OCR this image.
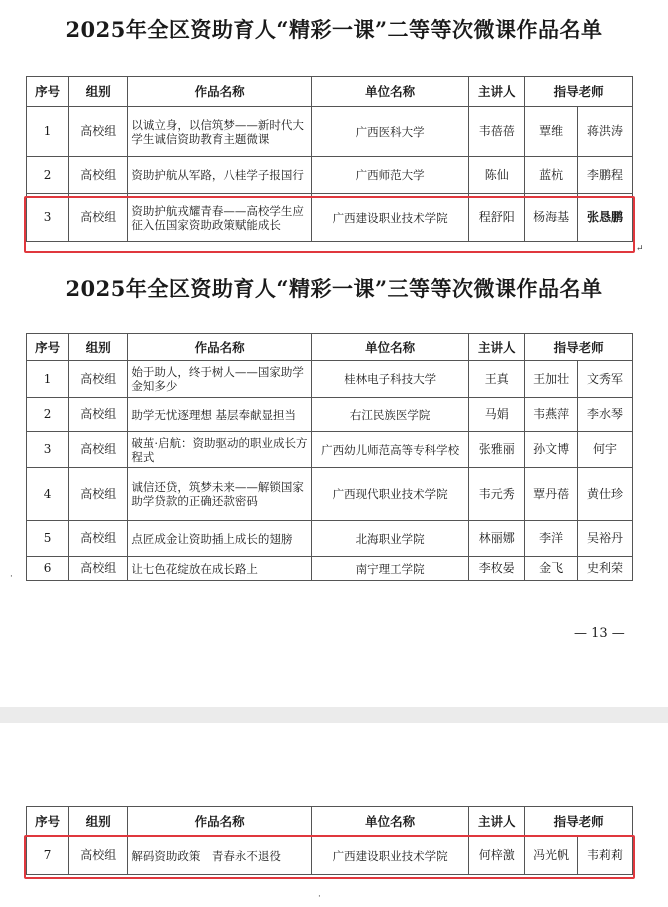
2025年全区资助育人“精彩一课”二等等次微课作品名单
序号	组别	作品名称	单位名称	主讲人	指导老师	
1	高校组	以诚立身，以信筑梦——新时代大学生诚信资助教育主题微课	广西医科大学	韦蓓蓓	覃维	蒋洪涛
2	高校组	资助护航从军路，八桂学子报国行	广西师范大学	陈仙	蓝杭	李鹏程
3	高校组	资助护航戎耀青春——高校学生应征入伍国家资助政策赋能成长	广西建设职业技术学院	程舒阳	杨海基	张恳鹏
↵
2025年全区资助育人“精彩一课”三等等次微课作品名单
序号	组别	作品名称	单位名称	主讲人	指导老师	
1	高校组	始于助人，终于树人——国家助学金知多少	桂林电子科技大学	王真	王加壮	文秀军
2	高校组	助学无忧逐理想 基层奉献显担当	右江民族医学院	马娟	韦燕萍	李水琴
3	高校组	破茧·启航：资助驱动的职业成长方程式	广西幼儿师范高等专科学校	张雅丽	孙文博	何宇
4	高校组	诚信还贷，筑梦未来——解锁国家助学贷款的正确还款密码	广西现代职业技术学院	韦元秀	覃丹蓓	黄仕珍
5	高校组	点匠成金让资助插上成长的翅膀	北海职业学院	林丽娜	李洋	吴裕丹
6	高校组	让七色花绽放在成长路上	南宁理工学院	李枚晏	金飞	史利荣
·
— 13 —
序号	组别	作品名称	单位名称	主讲人	指导老师	
7	高校组	解码资助政策　青春永不退役	广西建设职业技术学院	何梓激	冯光帆	韦莉莉
·
